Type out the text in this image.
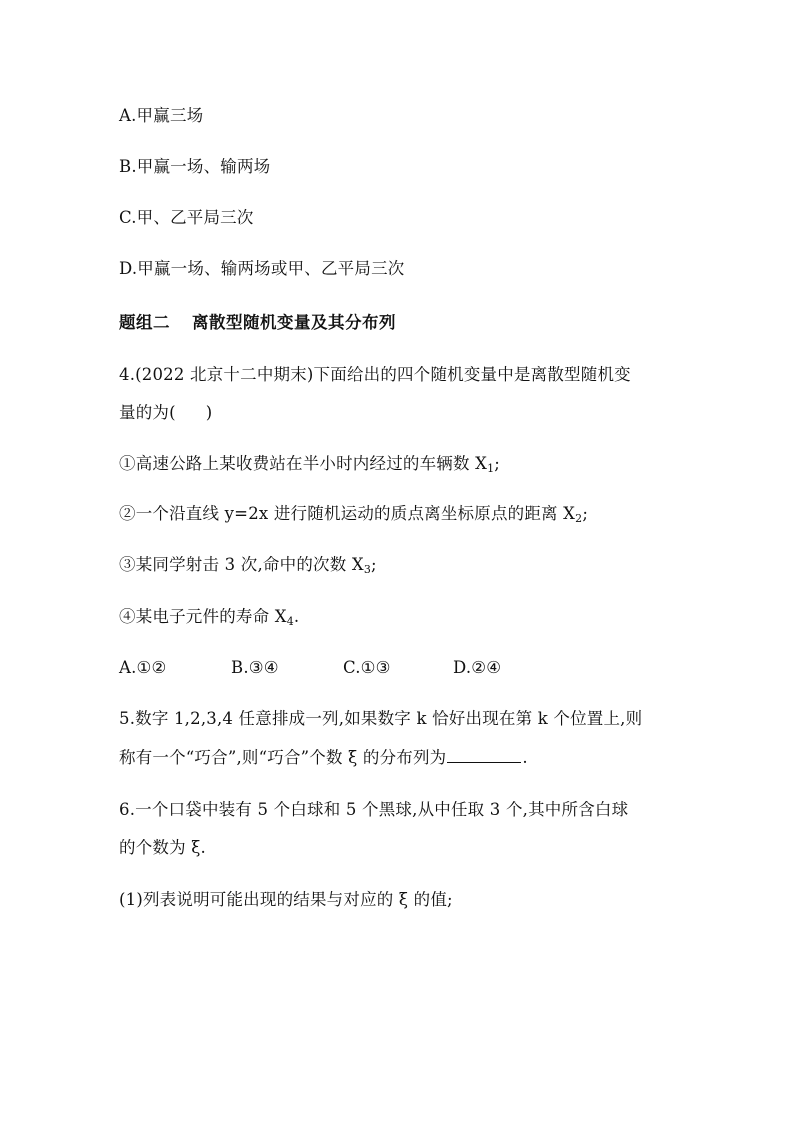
A.甲赢三场
B.甲赢一场、输两场
C.甲、乙平局三次
D.甲赢一场、输两场或甲、乙平局三次
题组二 离散型随机变量及其分布列
4.(2022 北京十二中期末)下面给出的四个随机变量中是离散型随机变
量的为( )
①高速公路上某收费站在半小时内经过的车辆数 $X_1$;
②一个沿直线 y=2x 进行随机运动的质点离坐标原点的距离 $X_2$;
③某同学射击 3 次,命中的次数 $X_3$;
④某电子元件的寿命 $X_4$.
A.①②	B.③④	C.①③	D.②④
5.数字 1,2,3,4 任意排成一列,如果数字 k 恰好出现在第 k 个位置上,则
称有一个“巧合”,则“巧合”个数 ξ 的分布列为	.
6.一个口袋中装有 5 个白球和 5 个黑球,从中任取 3 个,其中所含白球
的个数为 ξ.
(1)列表说明可能出现的结果与对应的 ξ 的值;
